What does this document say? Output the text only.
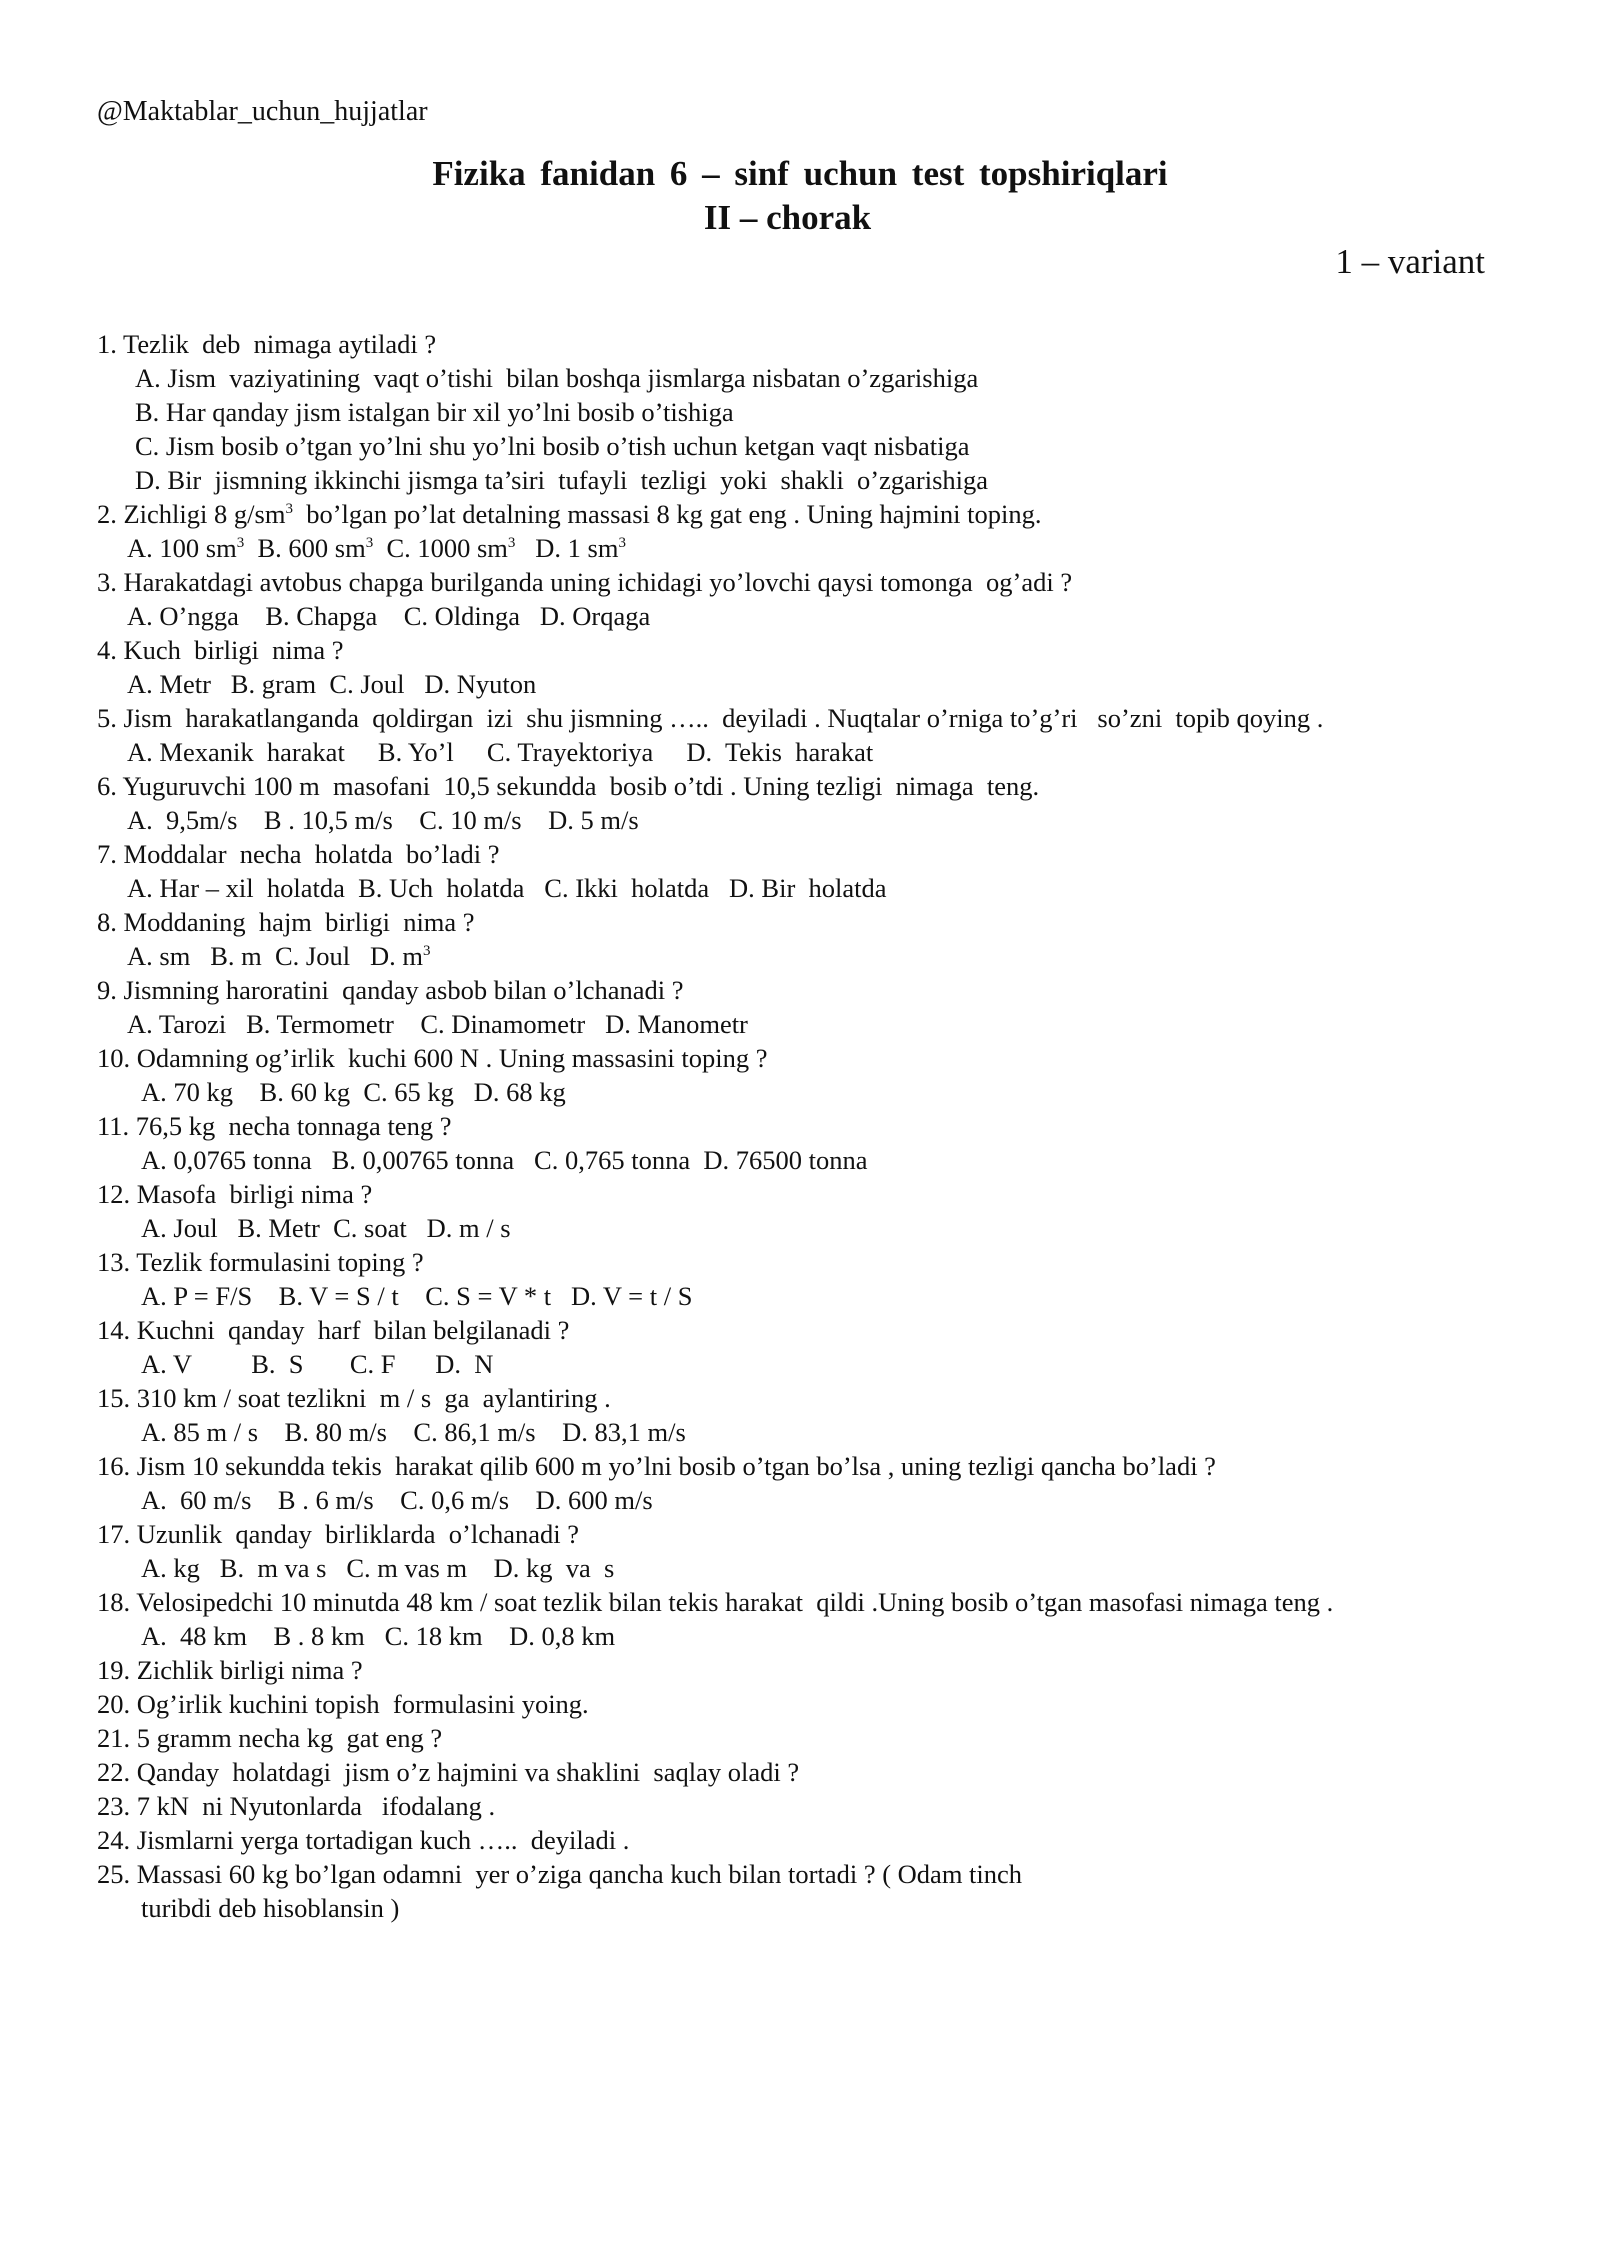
@Maktablar_uchun_hujjatlar
Fizika fanidan 6 – sinf uchun test topshiriqlari
II – chorak
1 – variant
1. Tezlik  deb  nimaga aytiladi ?
A. Jism  vaziyatining  vaqt o’tishi  bilan boshqa jismlarga nisbatan o’zgarishiga
B. Har qanday jism istalgan bir xil yo’lni bosib o’tishiga
C. Jism bosib o’tgan yo’lni shu yo’lni bosib o’tish uchun ketgan vaqt nisbatiga
D. Bir  jismning ikkinchi jismga ta’siri  tufayli  tezligi  yoki  shakli  o’zgarishiga
2. Zichligi 8 $g/sm^3$  bo’lgan po’lat detalning massasi 8 kg gat eng . Uning hajmini toping.
A. 100 $sm^3$  B. 600 $sm^3$  C. 1000 $sm^3$   D. 1 $sm^3$
3. Harakatdagi avtobus chapga burilganda uning ichidagi yo’lovchi qaysi tomonga  og’adi ?
A. O’ngga    B. Chapga    C. Oldinga   D. Orqaga
4. Kuch  birligi  nima ?
A. Metr   B. gram  C. Joul   D. Nyuton
5. Jism  harakatlanganda  qoldirgan  izi  shu jismning …..  deyiladi . Nuqtalar o’rniga to’g’ri   so’zni  topib qoying .
A. Mexanik  harakat     B. Yo’l     C. Trayektoriya     D.  Tekis  harakat
6. Yuguruvchi 100 m  masofani  10,5 sekundda  bosib o’tdi . Uning tezligi  nimaga  teng.
A.  9,5m/s    B . 10,5 m/s    C. 10 m/s    D. 5 m/s
7. Moddalar  necha  holatda  bo’ladi ?
A. Har – xil  holatda  B. Uch  holatda   C. Ikki  holatda   D. Bir  holatda
8. Moddaning  hajm  birligi  nima ?
A. sm   B. m  C. Joul   D. $m^3$
9. Jismning haroratini  qanday asbob bilan o’lchanadi ?
A. Tarozi   B. Termometr    C. Dinamometr   D. Manometr
10. Odamning og’irlik  kuchi 600 N . Uning massasini toping ?
A. 70 kg    B. 60 kg  C. 65 kg   D. 68 kg
11. 76,5 kg  necha tonnaga teng ?
A. 0,0765 tonna   B. 0,00765 tonna   C. 0,765 tonna  D. 76500 tonna
12. Masofa  birligi nima ?
A. Joul   B. Metr  C. soat   D. m / s
13. Tezlik formulasini toping ?
A. P = F/S    B. V = S / t    C. S = V * t   D. V = t / S
14. Kuchni  qanday  harf  bilan belgilanadi ?
A. V         B.  S       C. F      D.  N
15. 310 km / soat tezlikni  m / s  ga  aylantiring .
A. 85 m / s    B. 80 m/s    C. 86,1 m/s    D. 83,1 m/s
16. Jism 10 sekundda tekis  harakat qilib 600 m yo’lni bosib o’tgan bo’lsa , uning tezligi qancha bo’ladi ?
A.  60 m/s    B . 6 m/s    C. 0,6 m/s    D. 600 m/s
17. Uzunlik  qanday  birliklarda  o’lchanadi ?
A. kg   B.  m va s   C. m vas m    D. kg  va  s
18. Velosipedchi 10 minutda 48 km / soat tezlik bilan tekis harakat  qildi .Uning bosib o’tgan masofasi nimaga teng .
A.  48 km    B . 8 km   C. 18 km    D. 0,8 km
19. Zichlik birligi nima ?
20. Og’irlik kuchini topish  formulasini yoing.
21. 5 gramm necha kg  gat eng ?
22. Qanday  holatdagi  jism o’z hajmini va shaklini  saqlay oladi ?
23. 7 kN  ni Nyutonlarda   ifodalang .
24. Jismlarni yerga tortadigan kuch …..  deyiladi .
25. Massasi 60 kg bo’lgan odamni  yer o’ziga qancha kuch bilan tortadi ? ( Odam tinch
turibdi deb hisoblansin )
